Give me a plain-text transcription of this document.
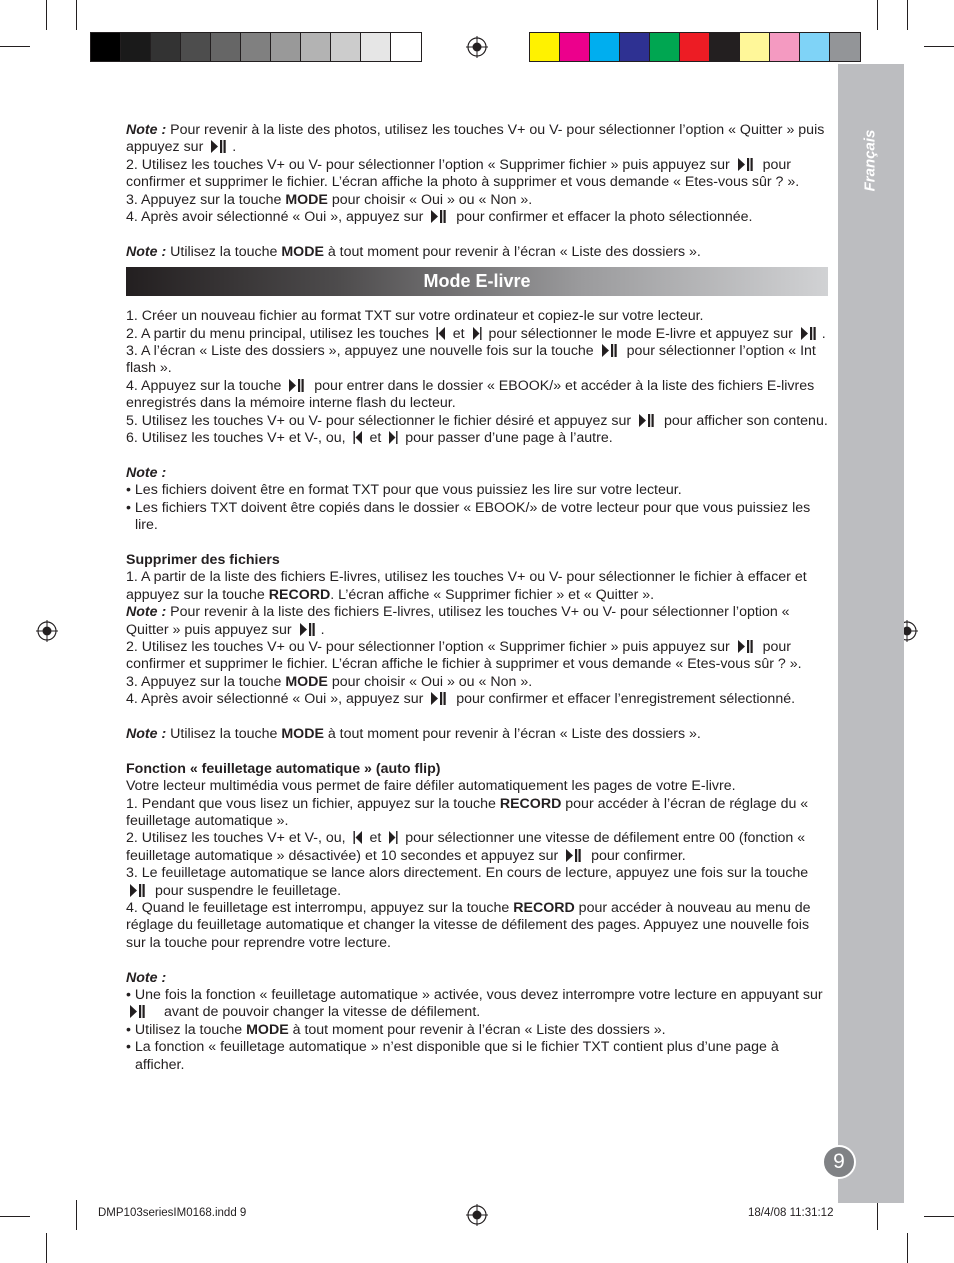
Français
9

Note : Pour revenir à la liste des photos, utilisez les touches V+ ou V- pour sélectionner l’option « Quitter » puis appuyez sur .

2. Utilisez les touches V+ ou V- pour sélectionner l’option « Supprimer fichier » puis appuyez sur  pour confirmer et supprimer le fichier. L’écran affiche la photo à supprimer et vous demande « Etes-vous sûr ? ».

3. Appuyez sur la touche MODE pour choisir « Oui » ou « Non ».

4. Après avoir sélectionné « Oui », appuyez sur  pour confirmer et effacer la photo sélectionnée.

Note : Utilisez la touche MODE à tout moment pour revenir à l’écran « Liste des dossiers ».

Mode E-livre

1. Créer un nouveau fichier au format TXT sur votre ordinateur et copiez-le sur votre lecteur.

2. A partir du menu principal, utilisez les touches  et  pour sélectionner le mode E-livre et appuyez sur .

3. A l’écran « Liste des dossiers », appuyez une nouvelle fois sur la touche  pour sélectionner l’option « Int flash ».

4. Appuyez sur la touche  pour entrer dans le dossier « EBOOK/» et accéder à la liste des fichiers E-livres enregistrés dans la mémoire interne flash du lecteur.

5. Utilisez les touches V+ ou V- pour sélectionner le fichier désiré et appuyez sur  pour afficher son contenu.

6. Utilisez les touches V+ et V-, ou,  et  pour passer d’une page à l’autre.

Note :

• Les fichiers doivent être en format TXT pour que vous puissiez les lire sur votre lecteur.

• Les fichiers TXT doivent être copiés dans le dossier « EBOOK/» de votre lecteur pour que vous puissiez les lire.

Supprimer des fichiers

1. A partir de la liste des fichiers E-livres, utilisez les touches V+ ou V- pour sélectionner le fichier à effacer et appuyez sur la touche RECORD. L’écran affiche « Supprimer fichier » et « Quitter ».

Note : Pour revenir à la liste des fichiers E-livres, utilisez les touches V+ ou V- pour sélectionner l’option « Quitter » puis appuyez sur .

2. Utilisez les touches V+ ou V- pour sélectionner l’option « Supprimer fichier » puis appuyez sur  pour confirmer et supprimer le fichier. L’écran affiche le fichier à supprimer et vous demande « Etes-vous sûr ? ».

3. Appuyez sur la touche MODE pour choisir « Oui » ou « Non ».

4. Après avoir sélectionné « Oui », appuyez sur  pour confirmer et effacer l’enregistrement sélectionné.

Note : Utilisez la touche MODE à tout moment pour revenir à l’écran « Liste des dossiers ».

Fonction « feuilletage automatique » (auto flip)

Votre lecteur multimédia vous permet de faire défiler automatiquement les pages de votre E-livre.

1. Pendant que vous lisez un fichier, appuyez sur la touche RECORD pour accéder à l’écran de réglage du « feuilletage automatique ».

2. Utilisez les touches V+ et V-, ou,  et  pour sélectionner une vitesse de défilement entre 00 (fonction « feuilletage automatique » désactivée) et 10 secondes et appuyez sur  pour confirmer.

3. Le feuilletage automatique se lance alors directement. En cours de lecture, appuyez une fois sur la touche  pour suspendre le feuilletage.

4. Quand le feuilletage est interrompu, appuyez sur la touche RECORD pour accéder à nouveau au menu de réglage du feuilletage automatique et changer la vitesse de défilement des pages. Appuyez une nouvelle fois sur la touche pour reprendre votre lecture.

Note :

• Une fois la fonction « feuilletage automatique » activée, vous devez interrompre votre lecture en appuyant sur  avant de pouvoir changer la vitesse de défilement.

• Utilisez la touche MODE à tout moment pour revenir à l’écran « Liste des dossiers ».

• La fonction « feuilletage automatique » n’est disponible que si le fichier TXT contient plus d’une page à afficher.

DMP103seriesIM0168.indd 9	18/4/08 11:31:12
